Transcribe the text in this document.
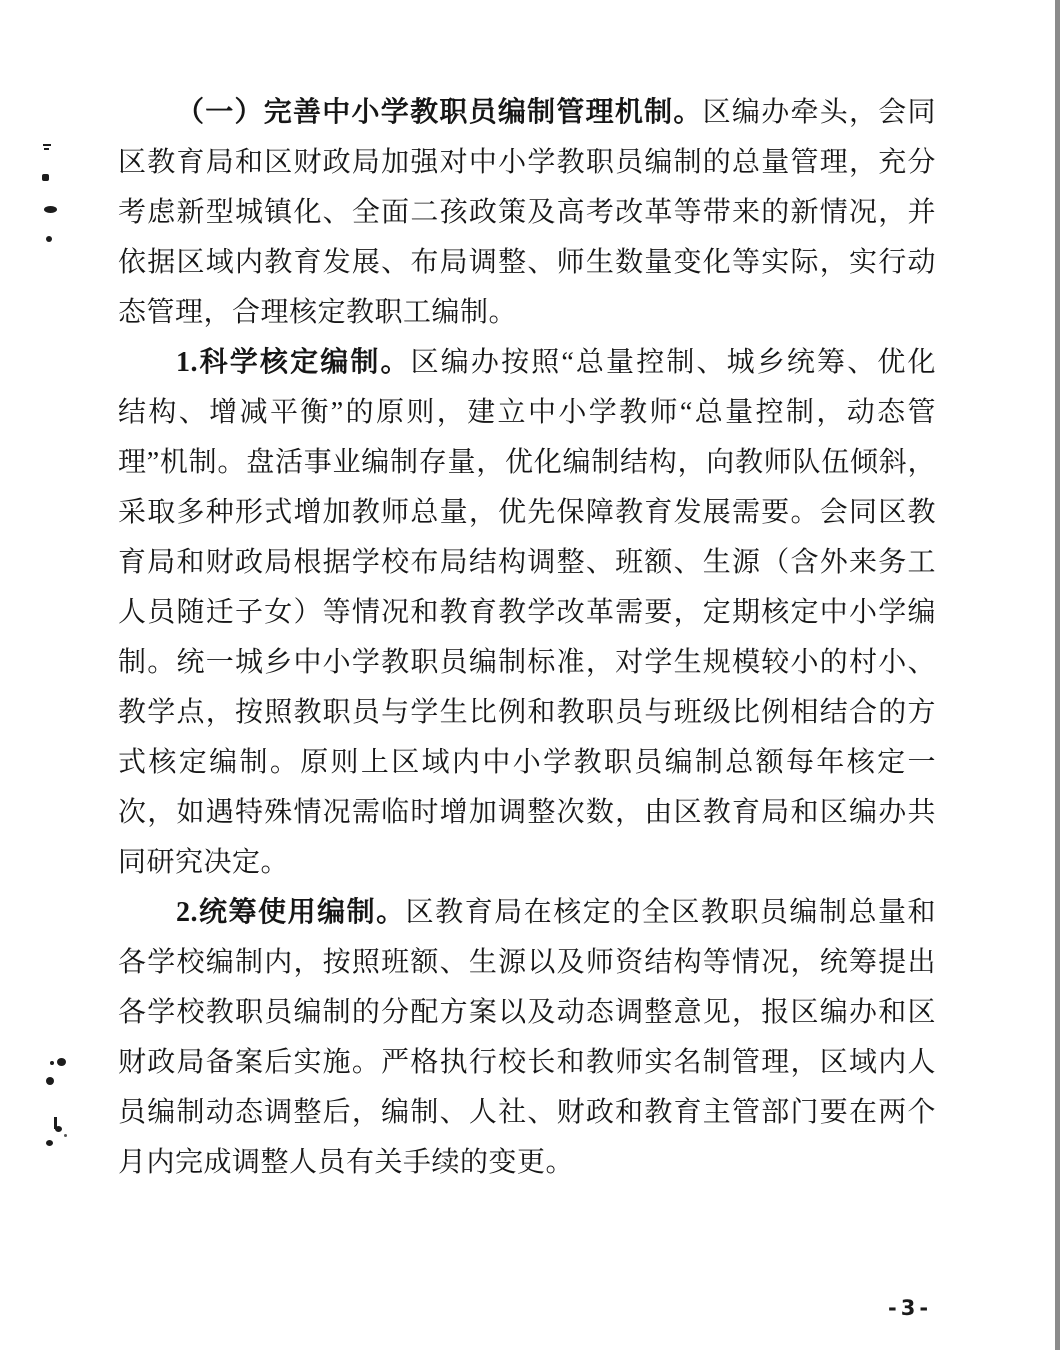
（一）完善中小学教职员编制管理机制。区编办牵头，会同
区教育局和区财政局加强对中小学教职员编制的总量管理，充分
考虑新型城镇化、全面二孩政策及高考改革等带来的新情况，并
依据区域内教育发展、布局调整、师生数量变化等实际，实行动
态管理，合理核定教职工编制。
1.科学核定编制。区编办按照“总量控制、城乡统筹、优化
结构、增减平衡”的原则，建立中小学教师“总量控制，动态管
理”机制。盘活事业编制存量，优化编制结构，向教师队伍倾斜，
采取多种形式增加教师总量，优先保障教育发展需要。会同区教
育局和财政局根据学校布局结构调整、班额、生源（含外来务工
人员随迁子女）等情况和教育教学改革需要，定期核定中小学编
制。统一城乡中小学教职员编制标准，对学生规模较小的村小、
教学点，按照教职员与学生比例和教职员与班级比例相结合的方
式核定编制。原则上区域内中小学教职员编制总额每年核定一
次，如遇特殊情况需临时增加调整次数，由区教育局和区编办共
同研究决定。
2.统筹使用编制。区教育局在核定的全区教职员编制总量和
各学校编制内，按照班额、生源以及师资结构等情况，统筹提出
各学校教职员编制的分配方案以及动态调整意见，报区编办和区
财政局备案后实施。严格执行校长和教师实名制管理，区域内人
员编制动态调整后，编制、人社、财政和教育主管部门要在两个
月内完成调整人员有关手续的变更。
-3-
